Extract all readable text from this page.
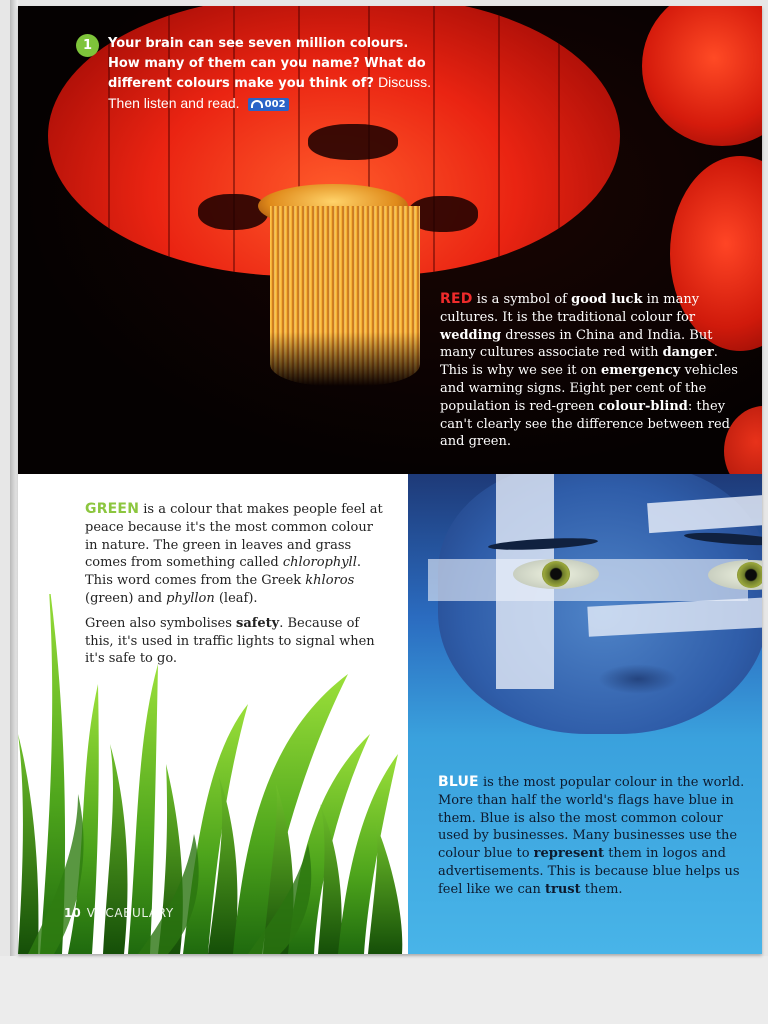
1	Your brain can see seven million colours. How many of them can you name? What do different colours make you think of? Discuss. Then listen and read.	002

RED is a symbol of good luck in many cultures. It is the traditional colour for wedding dresses in China and India. But many cultures associate red with danger. This is why we see it on emergency vehicles and warning signs. Eight per cent of the population is red-green colour-blind: they can't clearly see the difference between red and green.

GREEN is a colour that makes people feel at peace because it's the most common colour in nature. The green in leaves and grass comes from something called chlorophyll. This word comes from the Greek khloros (green) and phyllon (leaf).

Green also symbolises safety. Because of this, it's used in traffic lights to signal when it's safe to go.

10 VOCABULARY

BLUE is the most popular colour in the world. More than half the world's flags have blue in them. Blue is also the most common colour used by businesses. Many businesses use the colour blue to represent them in logos and advertisements. This is because blue helps us feel like we can trust them.
